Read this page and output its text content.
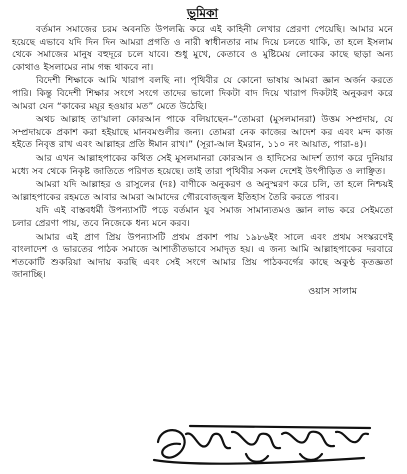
ভূমিকা

বর্তমান সমাজের চরম অবনতি উপলব্ধি করে এই কাহিনী লেখার প্রেরণা পেয়েছি। আমার মনে হয়েছে এভাবে যদি দিন দিন আমরা প্রগতি ও নারী স্বাধীনতার নাম দিয়ে চলতে থাকি, তা হলে ইসলাম থেকে সমাজের মানুষ বহুদূরে চলে যাবে। শুধু মুখে, কেতাবে ও মুষ্টিমেয় লোকের কাছে ছাড়া অন্য কোথাও ইসলামের নাম গন্ধ থাকবে না।

বিদেশী শিক্ষাকে আমি খারাপ বলছি না। পৃথিবীর যে কোনো ভাষায় আমরা জ্ঞান অর্জন করতে পারি। কিন্তু বিদেশী শিক্ষার সংগে সংগে তাদের ভালো দিকটা বাদ দিয়ে খারাপ দিকটাই অনুকরণ করে আমরা যেন “কাকের ময়ূর হওয়ার মত” মেতে উঠেছি।

অথচ আল্লাহ তা'য়ালা কোরআন পাকে বলিয়াছেন–“তোমরা (মুসলমানরা) উত্তম সম্প্রদায়, যে সম্প্রদায়কে প্রকাশ করা হইয়াছে মানবমণ্ডলীর জন্য। তোমরা নেক কাজের আদেশ কর এবং মন্দ কাজ হইতে নিবৃত্ত রাখ এবং আল্লাহর প্রতি ঈমান রাখ।” (সূরা-আল ইমরান, ১১০ নং আয়াত, পারা-৪)।

আর এখন আল্লাহপাকের কথিত সেই মুসলমানরা কোরআন ও হাদিসের আদর্শ ত্যাগ করে দুনিয়ার মধ্যে সব থেকে নিকৃষ্ট জাতিতে পরিণত হয়েছে। তাই তারা পৃথিবীর সকল দেশেই উৎপীড়িত ও লাঞ্ছিত।

আমরা যদি আল্লাহর ও রাসুলের (দঃ) বাণীকে অনুকরণ ও অনুস্মরণ করে চলি, তা হলে নিশ্চয়ই আল্লাহপাকের রহমতে আবার আমরা আমাদের গৌরবোজ্জ্বল ইতিহাস তৈরি করতে পারব।

যদি এই বাস্তবধর্মী উপন্যাসটি পড়ে বর্তমান যুব সমাজ সামান্যতমও জ্ঞান লাভ করে সেইমতো চলার প্রেরণা পায়, তবে নিজেকে ধন্য মনে করব।

আমার এই প্রাণ প্রিয় উপন্যাসটি প্রথম প্রকাশ পায় ১৯৮৬ইং সালে এবং প্রথম সংস্করণেই বাংলাদেশ ও ভারতের পাঠক সমাজে আশাতীতভাবে সমাদৃত হয়। এ জন্য আমি আল্লাহপাকের দরবারে শতকোটি শুকরিয়া আদায় করছি এবং সেই সংগে আমার প্রিয় পাঠকবর্গের কাছে অকুণ্ঠ কৃতজ্ঞতা জানাচ্ছি।

ওয়াস সালাম
